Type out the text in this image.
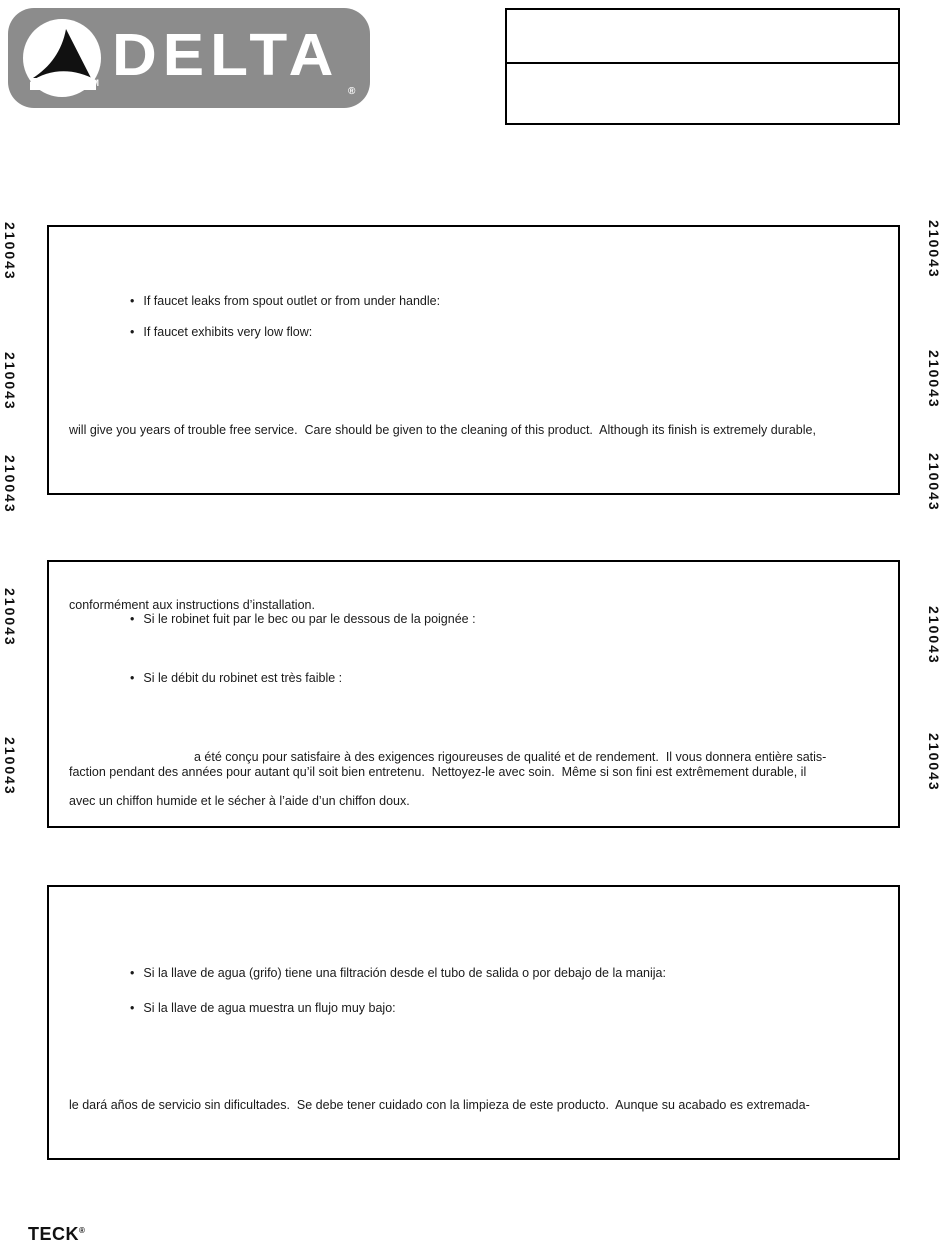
DELTA
TM
®
210043
210043
210043
210043
210043
210043
210043
210043
210043
210043
• If faucet leaks from spout outlet or from under handle:
• If faucet exhibits very low flow:
will give you years of trouble free service.  Care should be given to the cleaning of this product.  Although its finish is extremely durable,
conformément aux instructions d’installation.
• Si le robinet fuit par le bec ou par le dessous de la poignée :
• Si le débit du robinet est très faible :
a été conçu pour satisfaire à des exigences rigoureuses de qualité et de rendement.  Il vous donnera entière satis-
faction pendant des années pour autant qu’il soit bien entretenu.  Nettoyez-le avec soin.  Même si son fini est extrêmement durable, il
avec un chiffon humide et le sécher à l’aide d’un chiffon doux.
• Si la llave de agua (grifo) tiene una filtración desde el tubo de salida o por debajo de la manija:
• Si la llave de agua muestra un flujo muy bajo:
le dará años de servicio sin dificultades.  Se debe tener cuidado con la limpieza de este producto.  Aunque su acabado es extremada-
TECK®
